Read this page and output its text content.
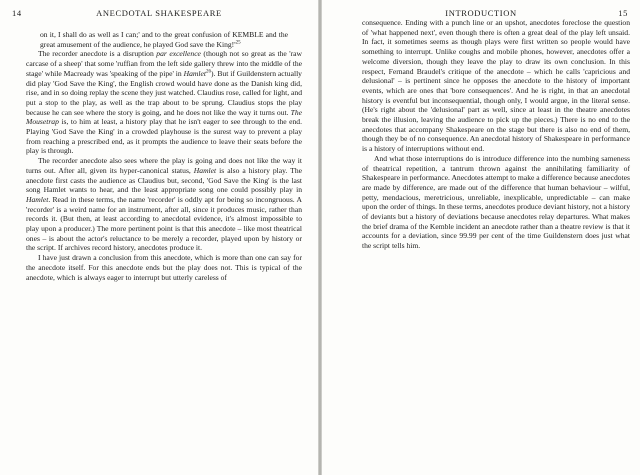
ANECDOTAL SHAKESPEARE
14

on it, I shall do as well as I can;' and to the great confusion of KEMBLE and the great amusement of the audience, he played God save the $King!'^{25}$

The recorder anecdote is a disruption par excellence (though not so great as the 'raw carcase of a sheep' that some 'ruffian from the left side gallery threw into the middle of the stage' while Macready was 'speaking of the pipe' in Hamlet$^{26}$). But if Guildenstern actually did play 'God Save the King', the English crowd would have done as the Danish king did, rise, and in so doing replay the scene they just watched. Claudius rose, called for light, and put a stop to the play, as well as the trap about to be sprung. Claudius stops the play because he can see where the story is going, and he does not like the way it turns out. The Mousetrap is, to him at least, a history play that he isn't eager to see through to the end. Playing 'God Save the King' in a crowded playhouse is the surest way to prevent a play from reaching a prescribed end, as it prompts the audience to leave their seats before the play is through.

The recorder anecdote also sees where the play is going and does not like the way it turns out. After all, given its hyper-canonical status, Hamlet is also a history play. The anecdote first casts the audience as Claudius but, second, 'God Save the King' is the last song Hamlet wants to hear, and the least appropriate song one could possibly play in Hamlet. Read in these terms, the name 'recorder' is oddly apt for being so incongruous. A 'recorder' is a weird name for an instrument, after all, since it produces music, rather than records it. (But then, at least according to anecdotal evidence, it's almost impossible to play upon a producer.) The more pertinent point is that this anecdote – like most theatrical ones – is about the actor's reluctance to be merely a recorder, played upon by history or the script. If archives record history, anecdotes produce it.

I have just drawn a conclusion from this anecdote, which is more than one can say for the anecdote itself. For this anecdote ends but the play does not. This is typical of the anecdote, which is always eager to interrupt but utterly careless of

INTRODUCTION	15

consequence. Ending with a punch line or an upshot, anecdotes foreclose the question of 'what happened next', even though there is often a great deal of the play left unsaid. In fact, it sometimes seems as though plays were first written so people would have something to interrupt. Unlike coughs and mobile phones, however, anecdotes offer a welcome diversion, though they leave the play to draw its own conclusion. In this respect, Fernand Braudel's critique of the anecdote – which he calls 'capricious and delusional' – is pertinent since he opposes the anecdote to the history of important events, which are ones that 'bore consequences'. And he is right, in that an anecdotal history is eventful but inconsequential, though only, I would argue, in the literal sense. (He's right about the 'delusional' part as well, since at least in the theatre anecdotes break the illusion, leaving the audience to pick up the pieces.) There is no end to the anecdotes that accompany Shakespeare on the stage but there is also no end of them, though they be of no consequence. An anecdotal history of Shakespeare in performance is a history of interruptions without end.

And what those interruptions do is introduce difference into the numbing sameness of theatrical repetition, a tantrum thrown against the annihilating familiarity of Shakespeare in performance. Anecdotes attempt to make a difference because anecdotes are made by difference, are made out of the difference that human behaviour – wilful, petty, mendacious, meretricious, unreliable, inexplicable, unpredictable – can make upon the order of things. In these terms, anecdotes produce deviant history, not a history of deviants but a history of deviations because anecdotes relay departures. What makes the brief drama of the Kemble incident an anecdote rather than a theatre review is that it accounts for a deviation, since 99.99 per cent of the time Guildenstern does just what the script tells him.
